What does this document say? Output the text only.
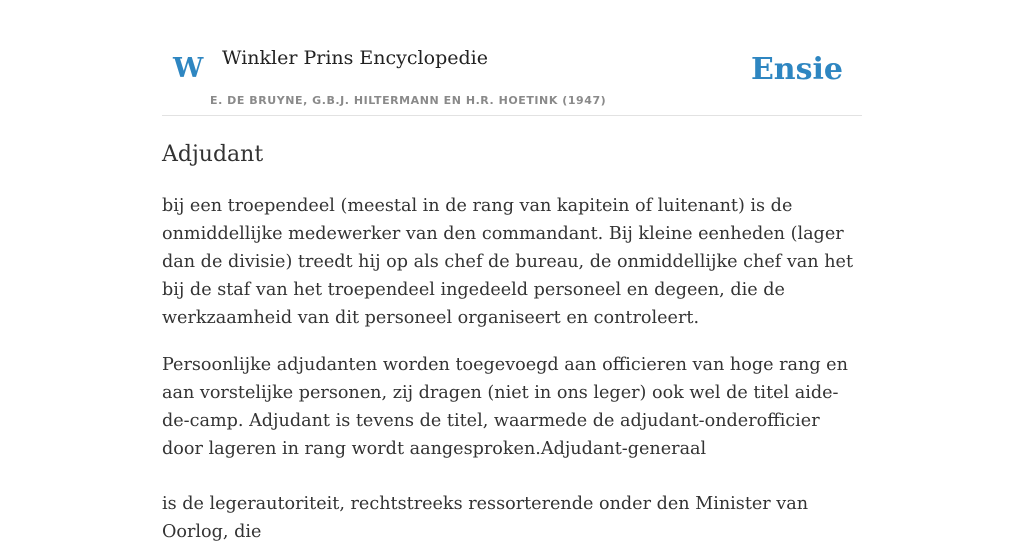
W Winkler Prins Encyclopedie	Ensie
E. DE BRUYNE, G.B.J. HILTERMANN EN H.R. HOETINK (1947)
Adjudant

bij een troependeel (meestal in de rang van kapitein of luitenant) is de onmiddellijke medewerker van den commandant. Bij kleine eenheden (lager dan de divisie) treedt hij op als chef de bureau, de onmiddellijke chef van het bij de staf van het troependeel ingedeeld personeel en degeen, die de werkzaamheid van dit personeel organiseert en controleert.

Persoonlijke adjudanten worden toegevoegd aan officieren van hoge rang en aan vorstelijke personen, zij dragen (niet in ons leger) ook wel de titel aide-de-camp. Adjudant is tevens de titel, waarmede de adjudant-onderofficier door lageren in rang wordt aangesproken.Adjudant-generaal

is de legerautoriteit, rechtstreeks ressorterende onder den Minister van Oorlog, die
